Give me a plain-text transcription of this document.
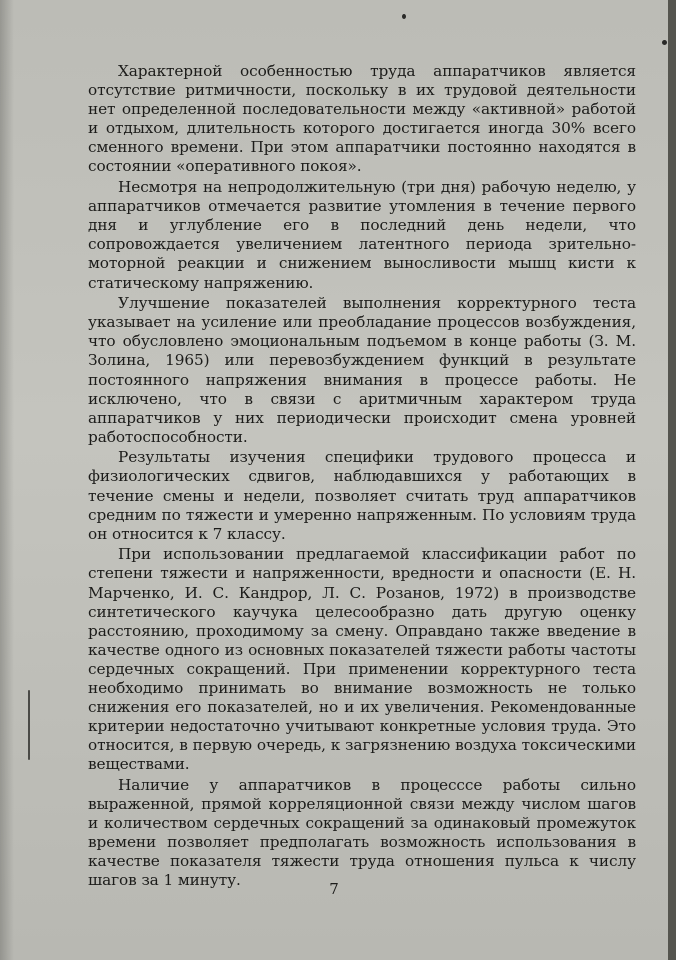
Характерной особенностью труда аппаратчиков является отсутствие ритмичности, поскольку в их трудовой деятельности нет определенной последовательности между «активной» работой и отдыхом, длительность которого достигается иногда 30% всего сменного времени. При этом аппаратчики постоянно находятся в состоянии «оперативного покоя».

Несмотря на непродолжительную (три дня) рабочую неделю, у аппаратчиков отмечается развитие утомления в течение первого дня и углубление его в последний день недели, что сопровождается увеличением латентного периода зрительно-моторной реакции и снижением выносливости мышц кисти к статическому напряжению.

Улучшение показателей выполнения корректурного теста указывает на усиление или преобладание процессов возбуждения, что обусловлено эмоциональным подъемом в конце работы (З. М. Золина, 1965) или перевозбуждением функций в результате постоянного напряжения внимания в процессе работы. Не исключено, что в связи с аритмичным характером труда аппаратчиков у них периодически происходит смена уровней работоспособности.

Результаты изучения специфики трудового процесса и физиологических сдвигов, наблюдавшихся у работающих в течение смены и недели, позволяет считать труд аппаратчиков средним по тяжести и умеренно напряженным. По условиям труда он относится к 7 классу.

При использовании предлагаемой классификации работ по степени тяжести и напряженности, вредности и опасности (Е. Н. Марченко, И. С. Кандрор, Л. С. Розанов, 1972) в производстве синтетического каучука целесообразно дать другую оценку расстоянию, проходимому за смену. Оправдано также введение в качестве одного из основных показателей тяжести работы частоты сердечных сокращений. При применении корректурного теста необходимо принимать во внимание возможность не только снижения его показателей, но и их увеличения. Рекомендованные критерии недостаточно учитывают конкретные условия труда. Это относится, в первую очередь, к загрязнению воздуха токсическими веществами.

Наличие у аппаратчиков в процесссе работы сильно выраженной, прямой корреляционной связи между числом шагов и количеством сердечных сокращений за одинаковый промежуток времени позволяет предполагать возможность использования в качестве показателя тяжести труда отношения пульса к числу шагов за 1 минуту.	7
